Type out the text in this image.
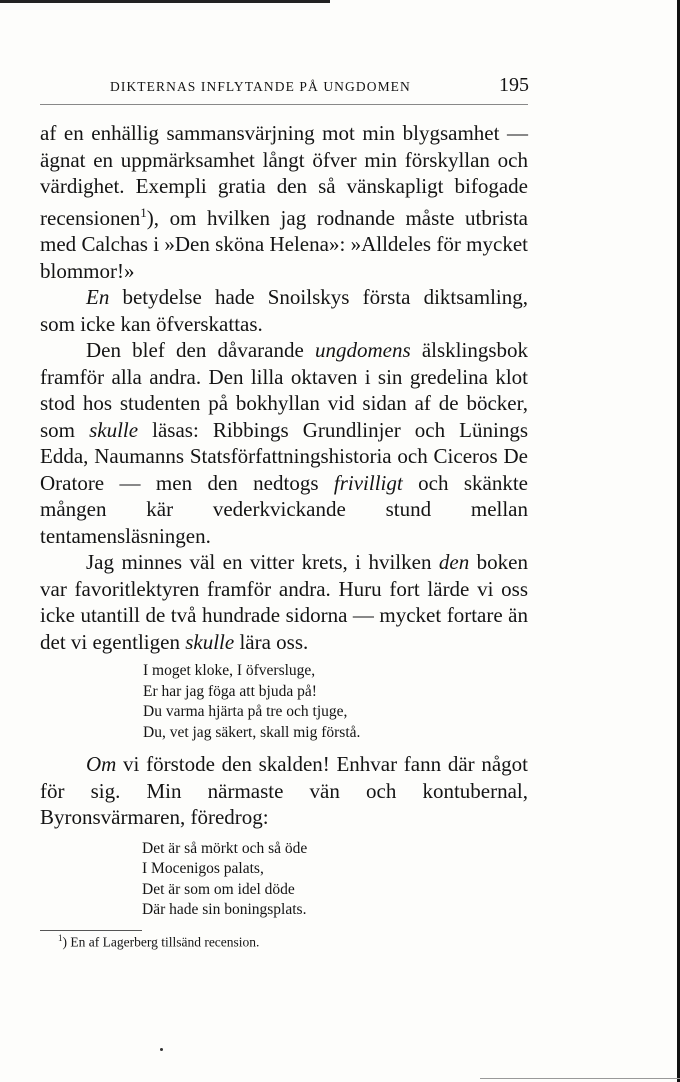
DIKTERNAS INFLYTANDE PÅ UNGDOMEN	195

af en enhällig sammansvärjning mot min blygsamhet — ägnat en uppmärksamhet långt öfver min förskyllan och värdighet. Exempli gratia den så vänskapligt bifogade recensionen$^1$), om hvilken jag rodnande måste utbrista med Calchas i »Den sköna Helena»: »Alldeles för mycket blommor!»

En betydelse hade Snoilskys första diktsamling, som icke kan öfverskattas.

Den blef den dåvarande ungdomens älsklingsbok framför alla andra. Den lilla oktaven i sin gredelina klot stod hos studenten på bokhyllan vid sidan af de böcker, som skulle läsas: Ribbings Grundlinjer och Lünings Edda, Naumanns Statsförfattningshistoria och Ciceros De Oratore — men den nedtogs frivilligt och skänkte mången kär vederkvickande stund mellan tentamensläsningen.

Jag minnes väl en vitter krets, i hvilken den boken var favoritlektyren framför andra. Huru fort lärde vi oss icke utantill de två hundrade sidorna — mycket fortare än det vi egentligen skulle lära oss.

I moget kloke, I öfversluge,
Er har jag föga att bjuda på!
Du varma hjärta på tre och tjuge,
Du, vet jag säkert, skall mig förstå.

Om vi förstode den skalden! Enhvar fann där något för sig. Min närmaste vän och kontubernal, Byronsvärmaren, föredrog:

Det är så mörkt och så öde
I Mocenigos palats,
Det är som om idel döde
Där hade sin boningsplats.
$^1$) En af Lagerberg tillsänd recension.
